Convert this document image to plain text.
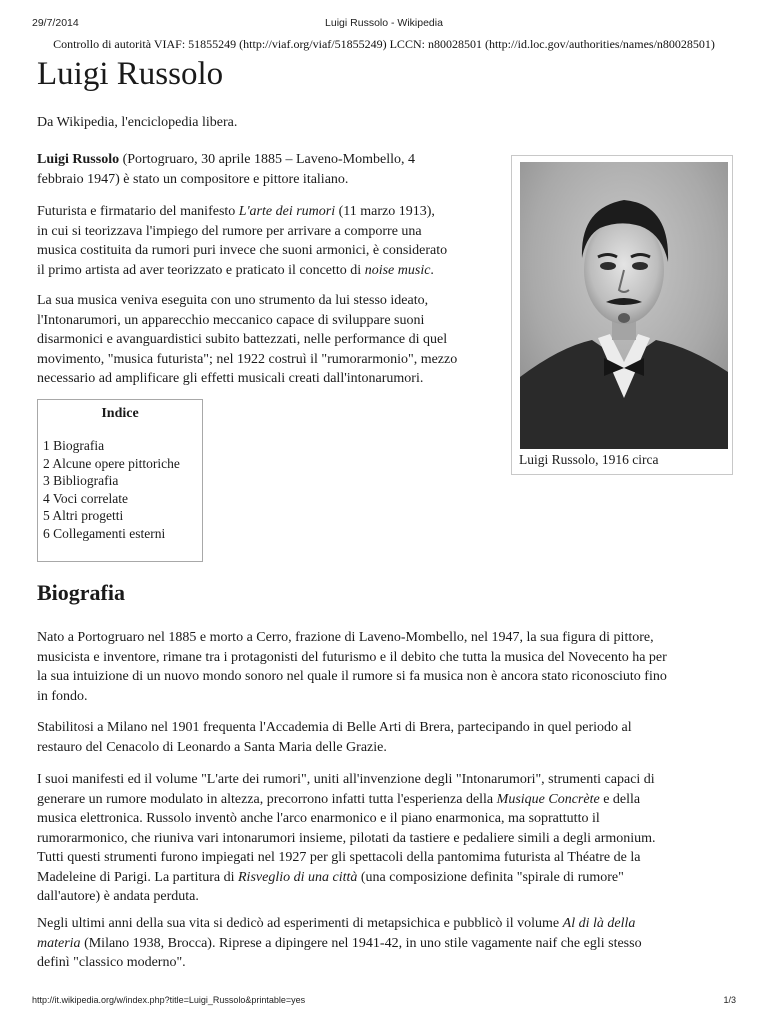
Luigi Russolo - Wikipedia
29/7/2014
Controllo di autorità VIAF: 51855249 (http://viaf.org/viaf/51855249) LCCN: n80028501 (http://id.loc.gov/authorities/names/n80028501)
Luigi Russolo
Da Wikipedia, l'enciclopedia libera.

Luigi Russolo (Portogruaro, 30 aprile 1885 – Laveno-Mombello, 4
febbraio 1947) è stato un compositore e pittore italiano.

Futurista e firmatario del manifesto L'arte dei rumori (11 marzo 1913),
in cui si teorizzava l'impiego del rumore per arrivare a comporre una
musica costituita da rumori puri invece che suoni armonici, è considerato
il primo artista ad aver teorizzato e praticato il concetto di noise music.

La sua musica veniva eseguita con uno strumento da lui stesso ideato,
l'Intonarumori, un apparecchio meccanico capace di sviluppare suoni
disarmonici e avanguardistici subito battezzati, nelle performance di quel
movimento, "musica futurista"; nel 1922 costruì il "rumorarmonio", mezzo
necessario ad amplificare gli effetti musicali creati dall'intonarumori.

Luigi Russolo, 1916 circa
Indice
1 Biografia
2 Alcune opere pittoriche
3 Bibliografia
4 Voci correlate
5 Altri progetti
6 Collegamenti esterni
Biografia

Nato a Portogruaro nel 1885 e morto a Cerro, frazione di Laveno-Mombello, nel 1947, la sua figura di pittore,
musicista e inventore, rimane tra i protagonisti del futurismo e il debito che tutta la musica del Novecento ha per
la sua intuizione di un nuovo mondo sonoro nel quale il rumore si fa musica non è ancora stato riconosciuto fino
in fondo.

Stabilitosi a Milano nel 1901 frequenta l'Accademia di Belle Arti di Brera, partecipando in quel periodo al
restauro del Cenacolo di Leonardo a Santa Maria delle Grazie.

I suoi manifesti ed il volume "L'arte dei rumori", uniti all'invenzione degli "Intonarumori", strumenti capaci di
generare un rumore modulato in altezza, precorrono infatti tutta l'esperienza della Musique Concrète e della
musica elettronica. Russolo inventò anche l'arco enarmonico e il piano enarmonica, ma soprattutto il
rumorarmonico, che riuniva vari intonarumori insieme, pilotati da tastiere e pedaliere simili a degli armonium.
Tutti questi strumenti furono impiegati nel 1927 per gli spettacoli della pantomima futurista al Théatre de la
Madeleine di Parigi. La partitura di Risveglio di una città (una composizione definita "spirale di rumore"
dall'autore) è andata perduta.

Negli ultimi anni della sua vita si dedicò ad esperimenti di metapsichica e pubblicò il volume Al di là della
materia (Milano 1938, Brocca). Riprese a dipingere nel 1941-42, in uno stile vagamente naif che egli stesso
definì "classico moderno".

http://it.wikipedia.org/w/index.php?title=Luigi_Russolo&printable=yes	1/3
